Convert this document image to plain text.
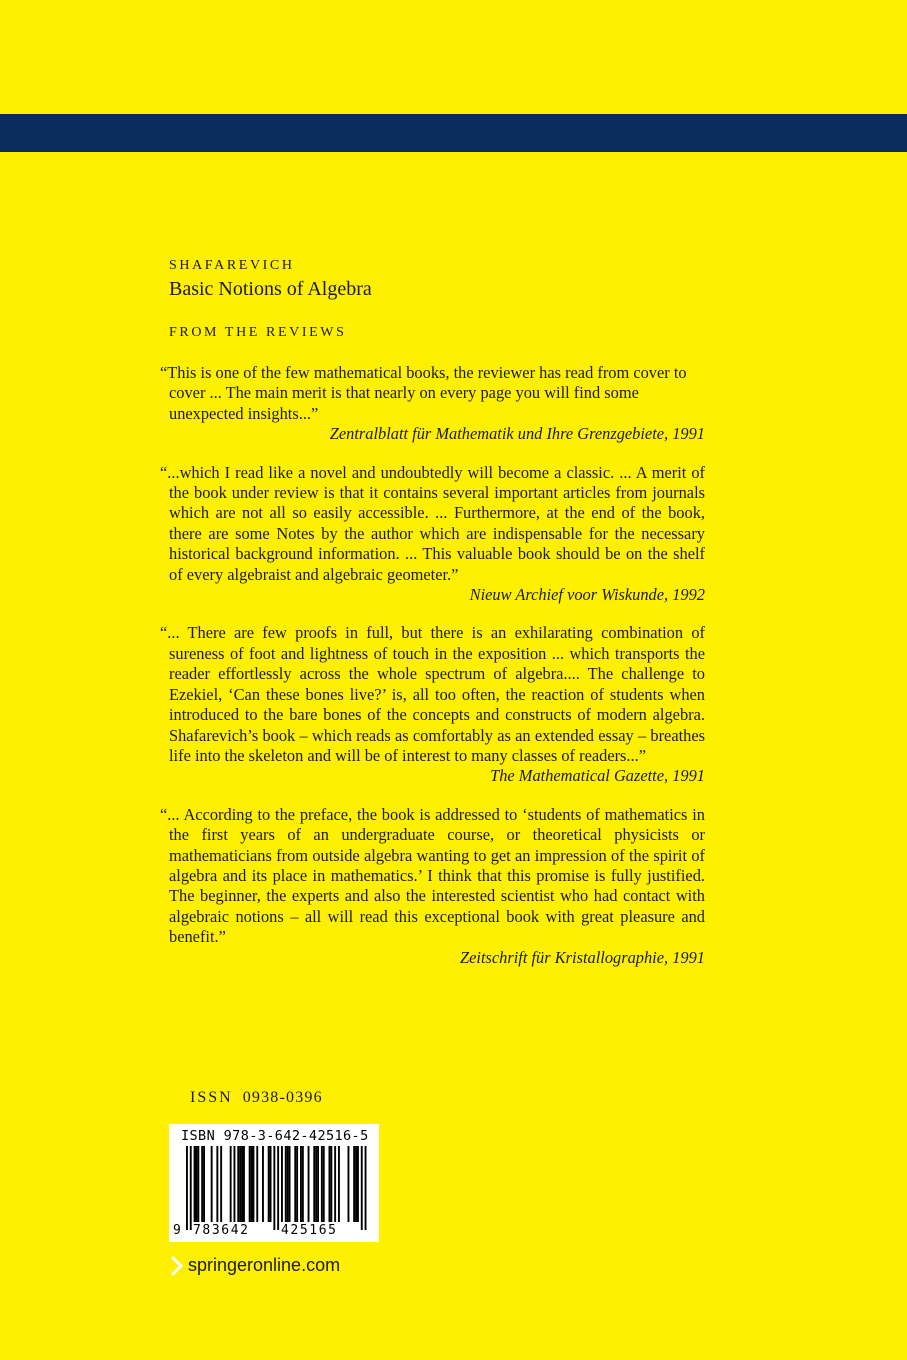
SHAFAREVICH

Basic Notions of Algebra

FROM THE REVIEWS

“This is one of the few mathematical books, the reviewer has read from cover to cover ... The main merit is that nearly on every page you will find some unexpected insights...”

Zentralblatt für Mathematik und Ihre Grenzgebiete, 1991

“...which I read like a novel and undoubtedly will become a classic. ... A merit of the book under review is that it contains several important articles from journals which are not all so easily accessible. ... Furthermore, at the end of the book, there are some Notes by the author which are indispensable for the necessary historical background information. ... This valuable book should be on the shelf of every algebraist and algebraic geometer.”

Nieuw Archief voor Wiskunde, 1992

“... There are few proofs in full, but there is an exhilarating combination of sureness of foot and lightness of touch in the exposition ... which transports the reader effortlessly across the whole spectrum of algebra.... The challenge to Ezekiel, ‘Can these bones live?’ is, all too often, the reaction of students when introduced to the bare bones of the concepts and constructs of modern algebra. Shafarevich’s book – which reads as comfortably as an extended essay – breathes life into the skeleton and will be of interest to many classes of readers...”

The Mathematical Gazette, 1991

“... According to the preface, the book is addressed to ‘students of mathematics in the first years of an undergraduate course, or theoretical physicists or mathematicians from outside algebra wanting to get an impression of the spirit of algebra and its place in mathematics.’ I think that this promise is fully justified. The beginner, the experts and also the interested scientist who had contact with algebraic notions – all will read this exceptional book with great pleasure and benefit.”

Zeitschrift für Kristallographie, 1991

ISSN 0938-0396
ISBN 978-3-642-42516-5
9 783642 425165
springeronline.com
